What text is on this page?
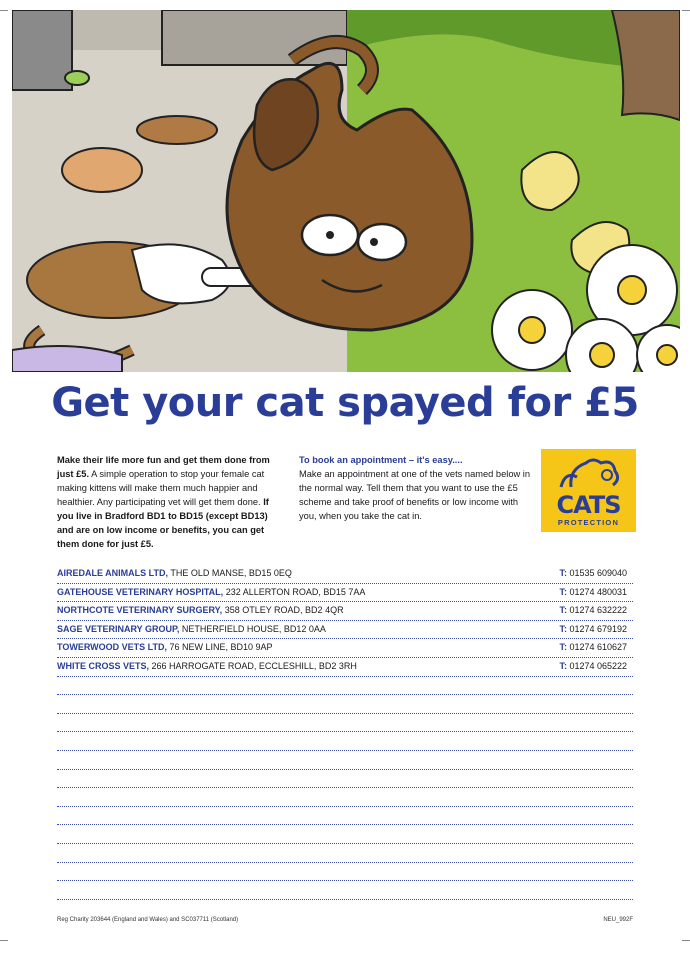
Get your cat spayed for £5
Make their life more fun and get them done from just £5. A simple operation to stop your female cat making kittens will make them much happier and healthier. Any participating vet will get them done. If you live in Bradford BD1 to BD15 (except BD13) and are on low income or benefits, you can get them done for just £5.
To book an appointment – it's easy....
Make an appointment at one of the vets named below in the normal way. Tell them that you want to use the £5 scheme and take proof of benefits or low income with you, when you take the cat in.	CATS
PROTECTION
AIREDALE ANIMALS LTD, THE OLD MANSE, BD15 0EQ	T: 01535 609040
GATEHOUSE VETERINARY HOSPITAL, 232 ALLERTON ROAD, BD15 7AA	T: 01274 480031
NORTHCOTE VETERINARY SURGERY, 358 OTLEY ROAD, BD2 4QR	T: 01274 632222
SAGE VETERINARY GROUP, NETHERFIELD HOUSE, BD12 0AA	T: 01274 679192
TOWERWOOD VETS LTD, 76 NEW LINE, BD10 9AP	T: 01274 610627
WHITE CROSS VETS, 266 HARROGATE ROAD, ECCLESHILL, BD2 3RH	T: 01274 065222
Reg Charity 203644 (England and Wales) and SC037711 (Scotland)	NEU_992F
